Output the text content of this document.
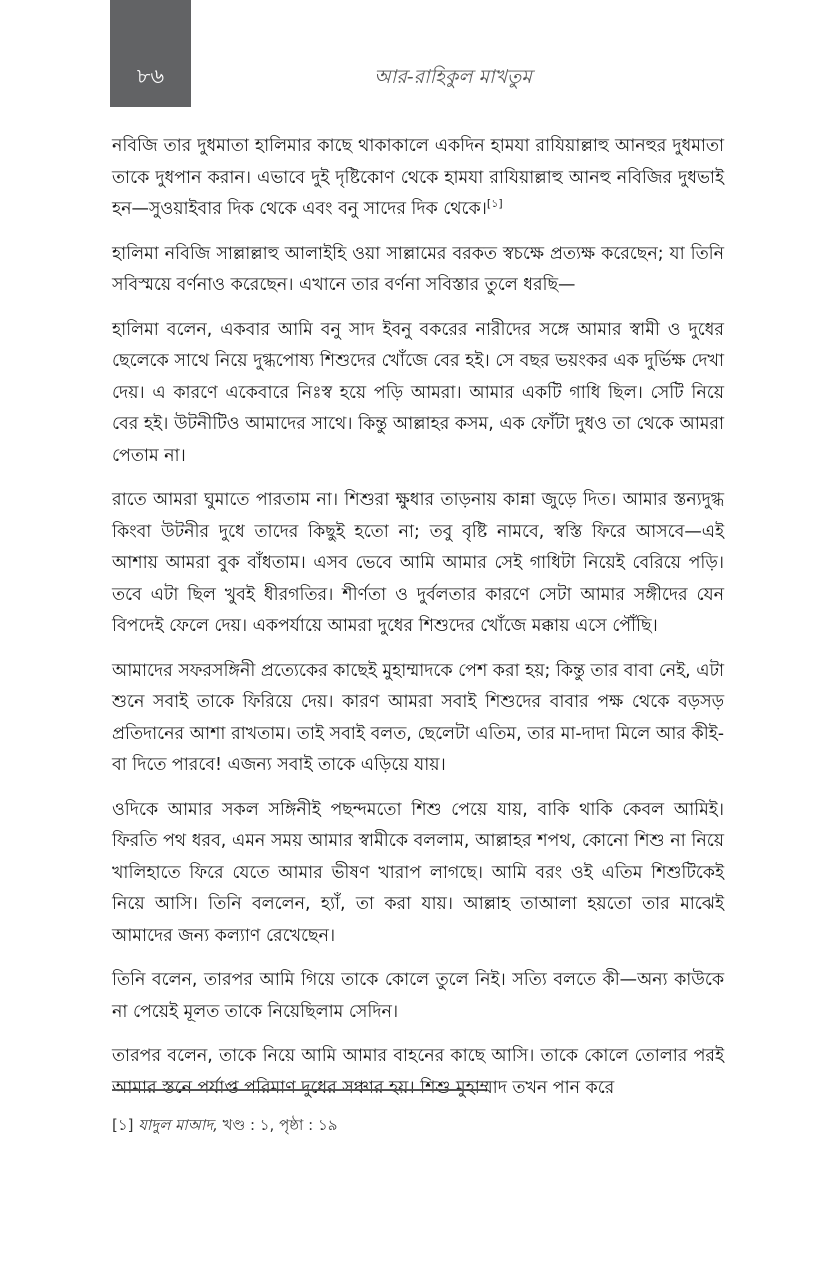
৮৬	আর-রাহিকুল মাখতুম

নবিজি তার দুধমাতা হালিমার কাছে থাকাকালে একদিন হামযা রাযিয়াল্লাহু আনহুর দুধমাতা তাকে দুধপান করান। এভাবে দুই দৃষ্টিকোণ থেকে হামযা রাযিয়াল্লাহু আনহু নবিজির দুধভাই হন—সুওয়াইবার দিক থেকে এবং বনু সাদের দিক থেকে।[১]

হালিমা নবিজি সাল্লাল্লাহু আলাইহি ওয়া সাল্লামের বরকত স্বচক্ষে প্রত্যক্ষ করেছেন; যা তিনি সবিস্ময়ে বর্ণনাও করেছেন। এখানে তার বর্ণনা সবিস্তার তুলে ধরছি—

হালিমা বলেন, একবার আমি বনু সাদ ইবনু বকরের নারীদের সঙ্গে আমার স্বামী ও দুধের ছেলেকে সাথে নিয়ে দুগ্ধপোষ্য শিশুদের খোঁজে বের হই। সে বছর ভয়ংকর এক দুর্ভিক্ষ দেখা দেয়। এ কারণে একেবারে নিঃস্ব হয়ে পড়ি আমরা। আমার একটি গাধি ছিল। সেটি নিয়ে বের হই। উটনীটিও আমাদের সাথে। কিন্তু আল্লাহর কসম, এক ফোঁটা দুধও তা থেকে আমরা পেতাম না।

রাতে আমরা ঘুমাতে পারতাম না। শিশুরা ক্ষুধার তাড়নায় কান্না জুড়ে দিত। আমার স্তন্যদুগ্ধ কিংবা উটনীর দুধে তাদের কিছুই হতো না; তবু বৃষ্টি নামবে, স্বস্তি ফিরে আসবে—এই আশায় আমরা বুক বাঁধতাম। এসব ভেবে আমি আমার সেই গাধিটা নিয়েই বেরিয়ে পড়ি। তবে এটা ছিল খুবই ধীরগতির। শীর্ণতা ও দুর্বলতার কারণে সেটা আমার সঙ্গীদের যেন বিপদেই ফেলে দেয়। একপর্যায়ে আমরা দুধের শিশুদের খোঁজে মক্কায় এসে পৌঁছি।

আমাদের সফরসঙ্গিনী প্রত্যেকের কাছেই মুহাম্মাদকে পেশ করা হয়; কিন্তু তার বাবা নেই, এটা শুনে সবাই তাকে ফিরিয়ে দেয়। কারণ আমরা সবাই শিশুদের বাবার পক্ষ থেকে বড়সড় প্রতিদানের আশা রাখতাম। তাই সবাই বলত, ছেলেটা এতিম, তার মা-দাদা মিলে আর কীই-বা দিতে পারবে! এজন্য সবাই তাকে এড়িয়ে যায়।

ওদিকে আমার সকল সঙ্গিনীই পছন্দমতো শিশু পেয়ে যায়, বাকি থাকি কেবল আমিই। ফিরতি পথ ধরব, এমন সময় আমার স্বামীকে বললাম, আল্লাহর শপথ, কোনো শিশু না নিয়ে খালিহাতে ফিরে যেতে আমার ভীষণ খারাপ লাগছে। আমি বরং ওই এতিম শিশুটিকেই নিয়ে আসি। তিনি বললেন, হ্যাঁ, তা করা যায়। আল্লাহ তাআলা হয়তো তার মাঝেই আমাদের জন্য কল্যাণ রেখেছেন।

তিনি বলেন, তারপর আমি গিয়ে তাকে কোলে তুলে নিই। সত্যি বলতে কী—অন্য কাউকে না পেয়েই মূলত তাকে নিয়েছিলাম সেদিন।

তারপর বলেন, তাকে নিয়ে আমি আমার বাহনের কাছে আসি। তাকে কোলে তোলার পরই আমার স্তনে পর্যাপ্ত পরিমাণ দুধের সঞ্চার হয়। শিশু মুহাম্মাদ তখন পান করে

[১] যাদুল মাআদ, খণ্ড : ১, পৃষ্ঠা : ১৯
